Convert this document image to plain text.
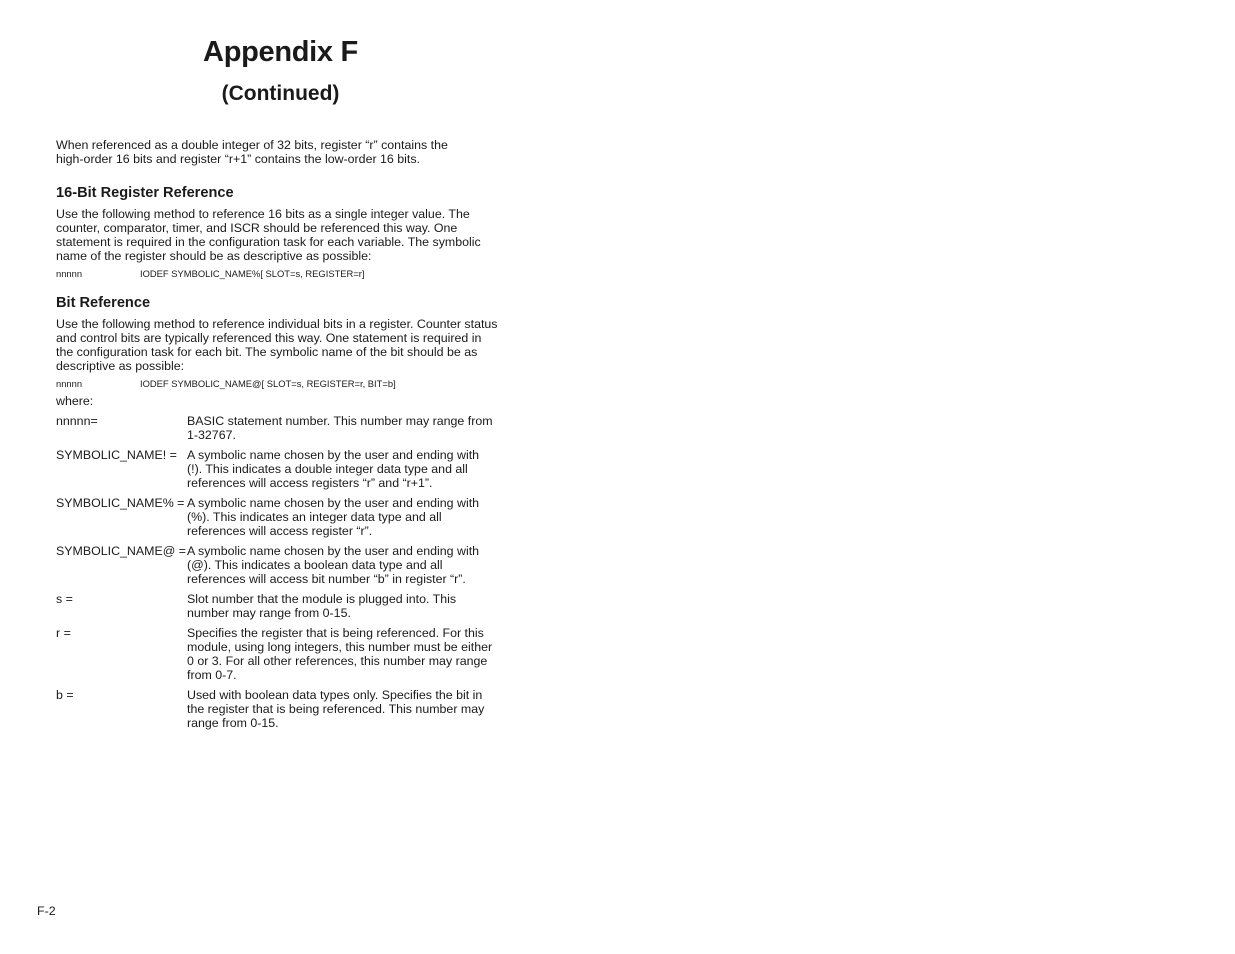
Appendix F
(Continued)

When referenced as a double integer of 32 bits, register “r” contains the
high-order 16 bits and register “r+1” contains the low-order 16 bits.

16-Bit Register Reference

Use the following method to reference 16 bits as a single integer value. The
counter, comparator, timer, and ISCR should be referenced this way. One
statement is required in the configuration task for each variable. The symbolic
name of the register should be as descriptive as possible:

nnnnn	IODEF SYMBOLIC_NAME%[ SLOT=s, REGISTER=r]
Bit Reference

Use the following method to reference individual bits in a register. Counter status
and control bits are typically referenced this way. One statement is required in
the configuration task for each bit. The symbolic name of the bit should be as
descriptive as possible:

nnnnn	IODEF SYMBOLIC_NAME@[ SLOT=s, REGISTER=r, BIT=b]

where:

nnnnn=	BASIC statement number. This number may range from
1-32767.
SYMBOLIC_NAME! = A symbolic name chosen by the user and ending with
(!). This indicates a double integer data type and all
references will access registers “r” and “r+1”.
SYMBOLIC_NAME% = A symbolic name chosen by the user and ending with
(%). This indicates an integer data type and all
references will access register “r”.
SYMBOLIC_NAME@ = A symbolic name chosen by the user and ending with
(@). This indicates a boolean data type and all
references will access bit number “b” in register “r”.
s =	Slot number that the module is plugged into. This
number may range from 0-15.
r =	Specifies the register that is being referenced. For this
module, using long integers, this number must be either
0 or 3. For all other references, this number may range
from 0-7.
b =	Used with boolean data types only. Specifies the bit in
the register that is being referenced. This number may
range from 0-15.
F-2
